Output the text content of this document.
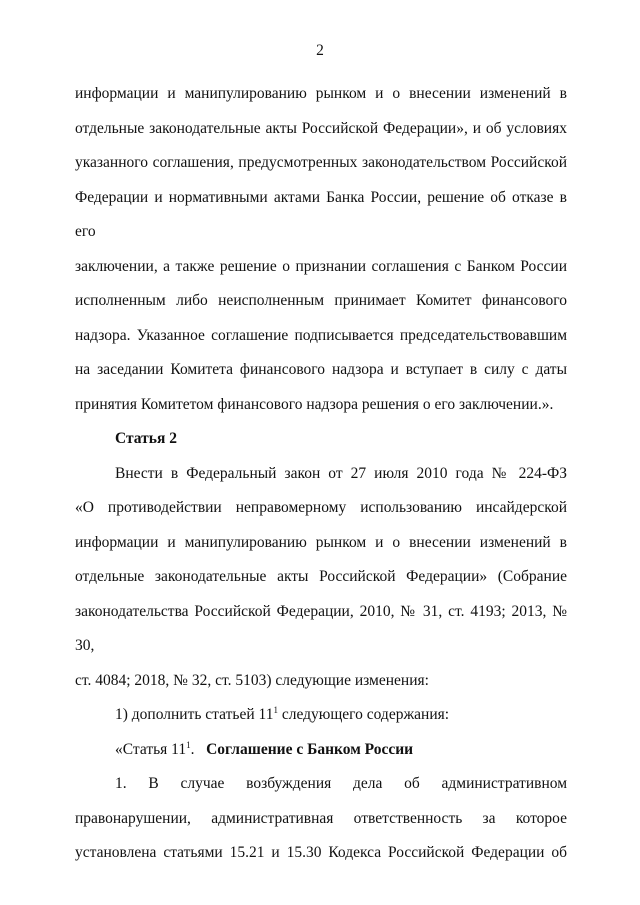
2
информации и манипулированию рынком и о внесении изменений в
отдельные законодательные акты Российской Федерации», и об условиях
указанного соглашения, предусмотренных законодательством Российской
Федерации и нормативными актами Банка России, решение об отказе в его
заключении, а также решение о признании соглашения с Банком России
исполненным либо неисполненным принимает Комитет финансового
надзора. Указанное соглашение подписывается председательствовавшим
на заседании Комитета финансового надзора и вступает в силу с даты
принятия Комитетом финансового надзора решения о его заключении.».

Статья 2

Внести в Федеральный закон от 27 июля 2010 года № 224-ФЗ
«О противодействии неправомерному использованию инсайдерской
информации и манипулированию рынком и о внесении изменений в
отдельные законодательные акты Российской Федерации» (Собрание
законодательства Российской Федерации, 2010, № 31, ст. 4193; 2013, № 30,
ст. 4084; 2018, № 32, ст. 5103) следующие изменения:

1) дополнить статьей $11^1$ следующего содержания:

«Статья $11^1$. Соглашение с Банком России

1. В случае возбуждения дела об административном
правонарушении, административная ответственность за которое
установлена статьями 15.21 и 15.30 Кодекса Российской Федерации об
